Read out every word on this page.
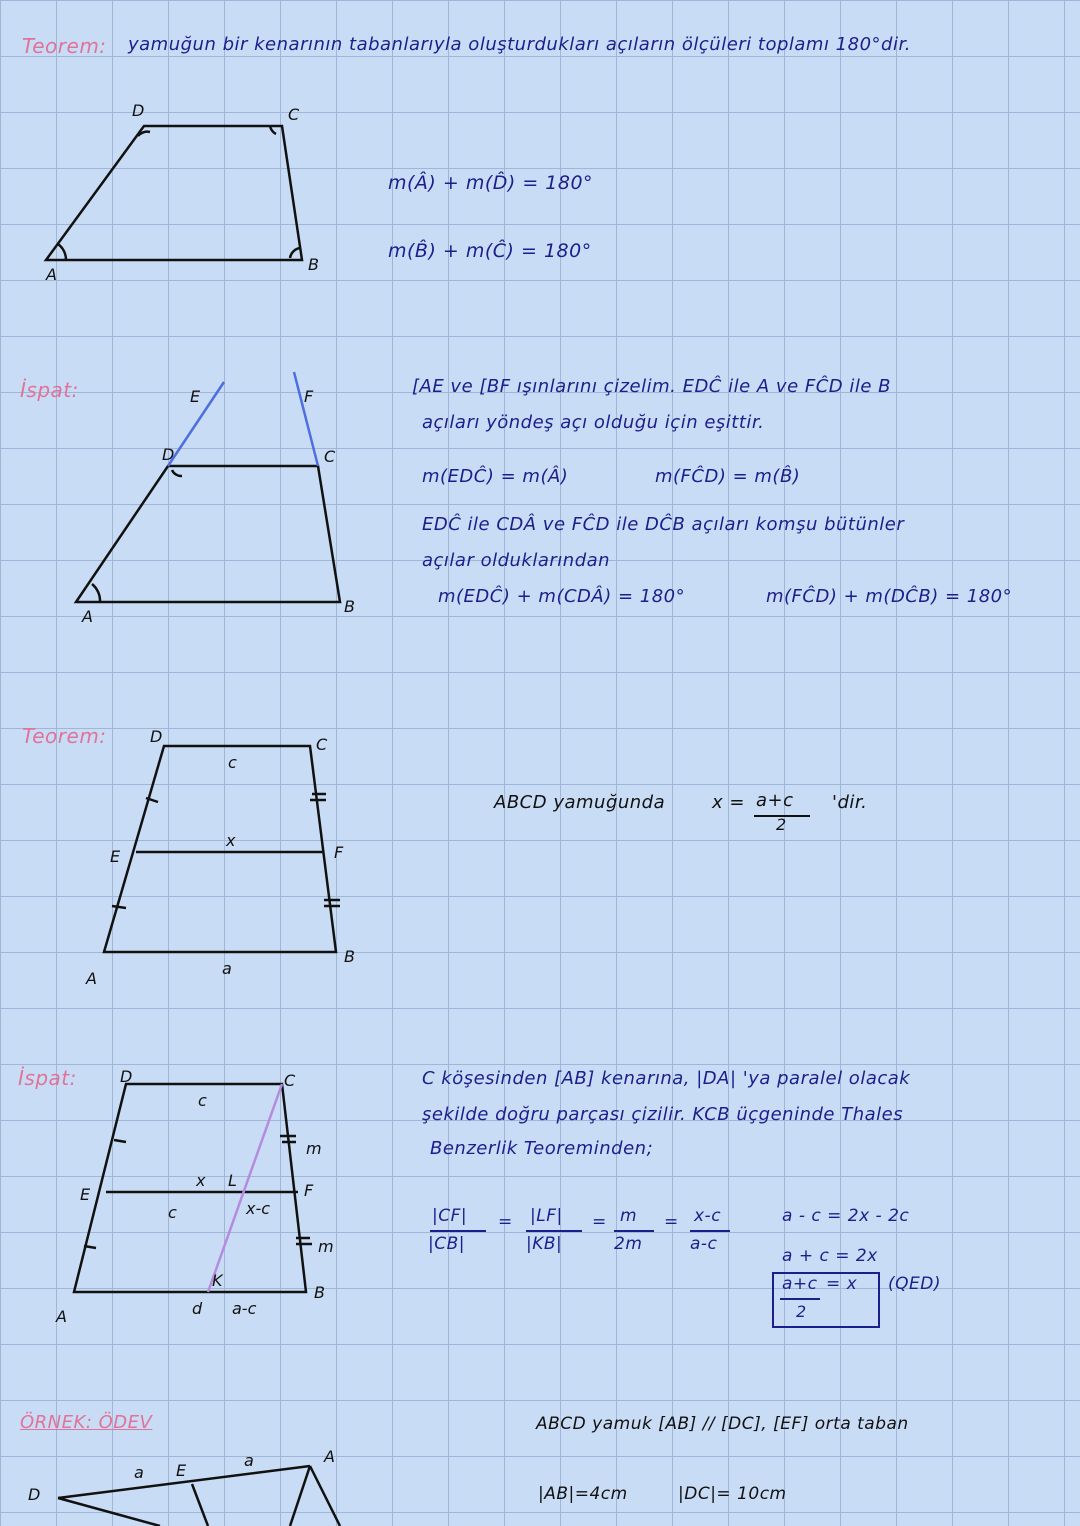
Teorem: yamuğun bir kenarının tabanlarıyla oluşturdukları açıların ölçüleri toplamı 180°dir.
m(Â) + m(D̂) = 180°
m(B̂) + m(Ĉ) = 180°
İspat:	[AE ve [BF ışınlarını çizelim. EDĈ ile A ve FĈD ile B
açıları yöndeş açı olduğu için eşittir.
m(EDĈ) = m(Â)	m(FĈD) = m(B̂)
EDĈ ile CDÂ ve FĈD ile DĈB açıları komşu bütünler
açılar olduklarından
m(EDĈ) + m(CDÂ) = 180°	m(FĈD) + m(DĈB) = 180°
Teorem:
ABCD yamuğunda	x = a+c
2
'dir.
İspat:	C köşesinden [AB] kenarına, |DA| 'ya paralel olacak
şekilde doğru parçası çizilir. KCB üçgeninde Thales
Benzerlik Teoreminden;
|CF|
|CB|
= |LF|
|KB|
= m
2m
= x-c
a-c
a - c = 2x - 2c
a + c = 2x
a+c
2
= x (QED)
ÖRNEK: ÖDEV	ABCD yamuk [AB] // [DC], [EF] orta taban
|AB|=4cm	|DC|= 10cm
A
B
C
D
A
B
C
D
E	F
D	C
E	F
A
B
c
x
a
D	C
E	F
A
B
K
L
c
x
c	x-c
d a-c
m
m
D
E
A
a
a
